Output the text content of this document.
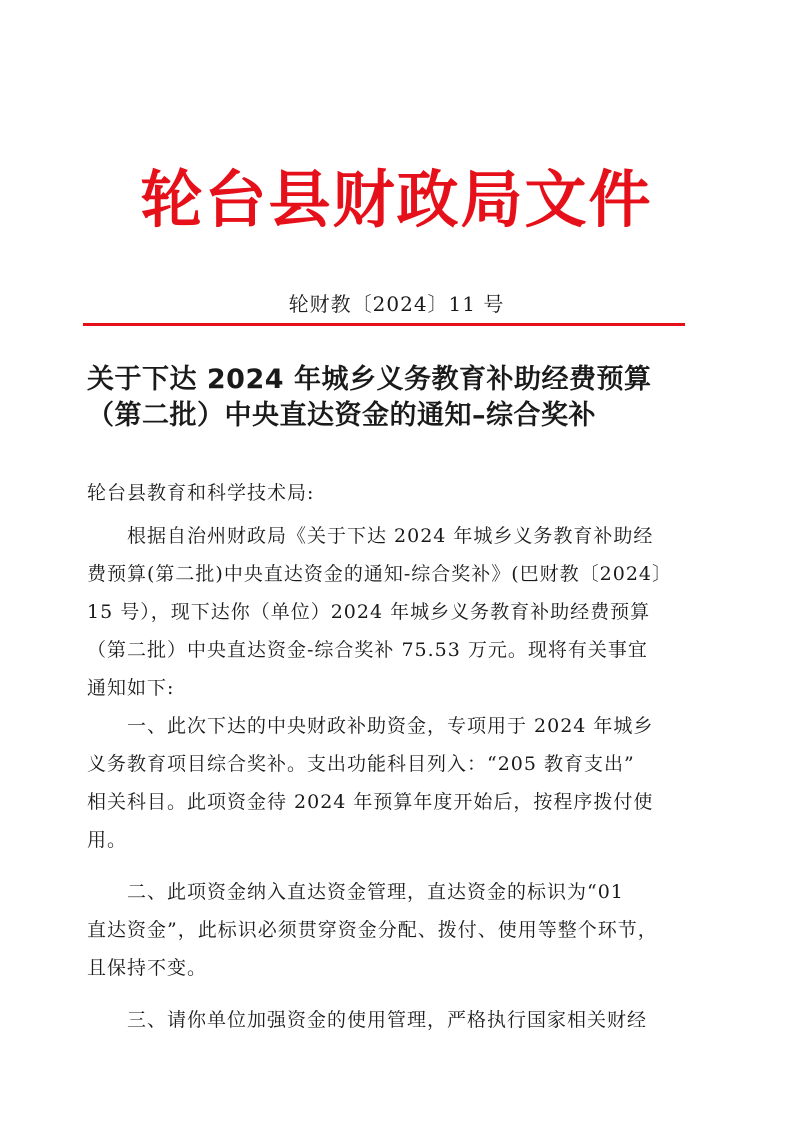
轮台县财政局文件
轮财教〔2024〕11 号
关于下达 2024 年城乡义务教育补助经费预算
（第二批）中央直达资金的通知–综合奖补
轮台县教育和科学技术局:
根据自治州财政局《关于下达 2024 年城乡义务教育补助经
费预算(第二批)中央直达资金的通知-综合奖补》(巴财教〔2024〕
15 号），现下达你（单位）2024 年城乡义务教育补助经费预算
（第二批）中央直达资金-综合奖补 75.53 万元。现将有关事宜
通知如下:
一、此次下达的中央财政补助资金，专项用于 2024 年城乡
义务教育项目综合奖补。支出功能科目列入：“205 教育支出”
相关科目。此项资金待 2024 年预算年度开始后，按程序拨付使
用。
二、此项资金纳入直达资金管理，直达资金的标识为“01
直达资金”，此标识必须贯穿资金分配、拨付、使用等整个环节，
且保持不变。
三、请你单位加强资金的使用管理，严格执行国家相关财经
